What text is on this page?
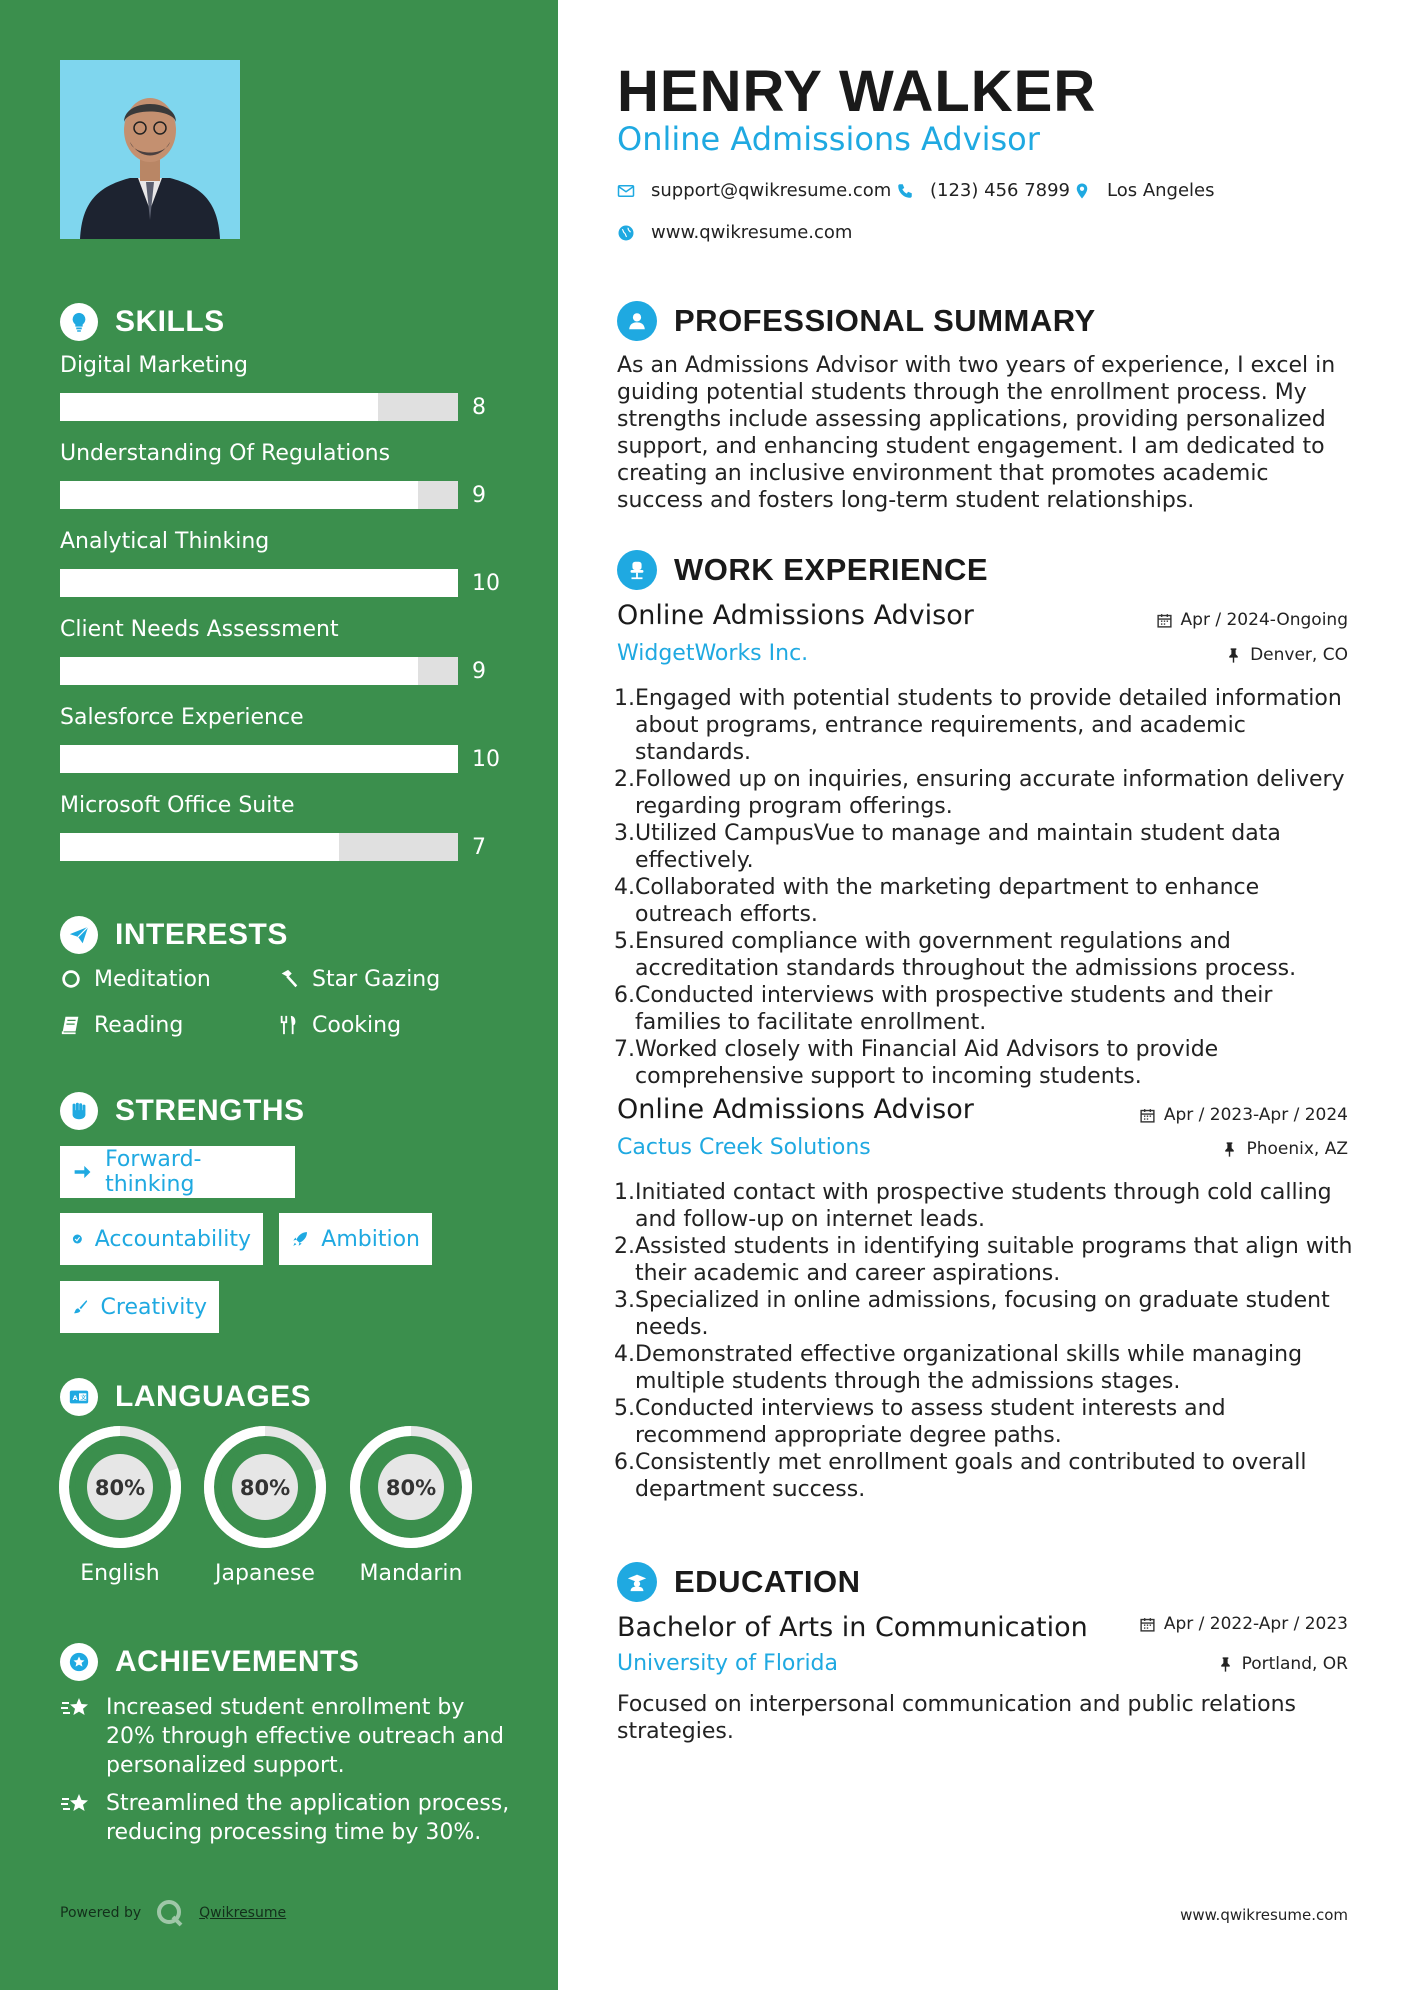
SKILLS
Digital Marketing
8
Understanding Of Regulations
9
Analytical Thinking
10
Client Needs Assessment
9
Salesforce Experience
10
Microsoft Office Suite
7
INTERESTS
Meditation	Star Gazing
Reading	Cooking
STRENGTHS
Forward-thinking
Accountability	Ambition
Creativity
A 文 LANGUAGES
80%
English
80%
Japanese
80%
Mandarin
ACHIEVEMENTS
Increased student enrollment by 20% through effective outreach and personalized support.
Streamlined the application process, reducing processing time by 30%.
Powered by	Qwikresume
HENRY WALKER
Online Admissions Advisor
support@qwikresume.com (123) 456 7899 Los Angeles
www.qwikresume.com
PROFESSIONAL SUMMARY
As an Admissions Advisor with two years of experience, I excel in guiding potential students through the enrollment process. My strengths include assessing applications, providing personalized support, and enhancing student engagement. I am dedicated to creating an inclusive environment that promotes academic success and fosters long-term student relationships.
WORK EXPERIENCE
Online Admissions Advisor	Apr / 2024-Ongoing
WidgetWorks Inc.	Denver, CO
1. Engaged with potential students to provide detailed information about programs, entrance requirements, and academic standards.
2. Followed up on inquiries, ensuring accurate information delivery regarding program offerings.
3. Utilized CampusVue to manage and maintain student data effectively.
4. Collaborated with the marketing department to enhance outreach efforts.
5. Ensured compliance with government regulations and accreditation standards throughout the admissions process.
6. Conducted interviews with prospective students and their families to facilitate enrollment.
7. Worked closely with Financial Aid Advisors to provide comprehensive support to incoming students.
Online Admissions Advisor	Apr / 2023-Apr / 2024
Cactus Creek Solutions	Phoenix, AZ
1. Initiated contact with prospective students through cold calling and follow-up on internet leads.
2. Assisted students in identifying suitable programs that align with their academic and career aspirations.
3. Specialized in online admissions, focusing on graduate student needs.
4. Demonstrated effective organizational skills while managing multiple students through the admissions stages.
5. Conducted interviews to assess student interests and recommend appropriate degree paths.
6. Consistently met enrollment goals and contributed to overall department success.
EDUCATION
Bachelor of Arts in Communication	Apr / 2022-Apr / 2023
University of Florida	Portland, OR
Focused on interpersonal communication and public relations strategies.
www.qwikresume.com
